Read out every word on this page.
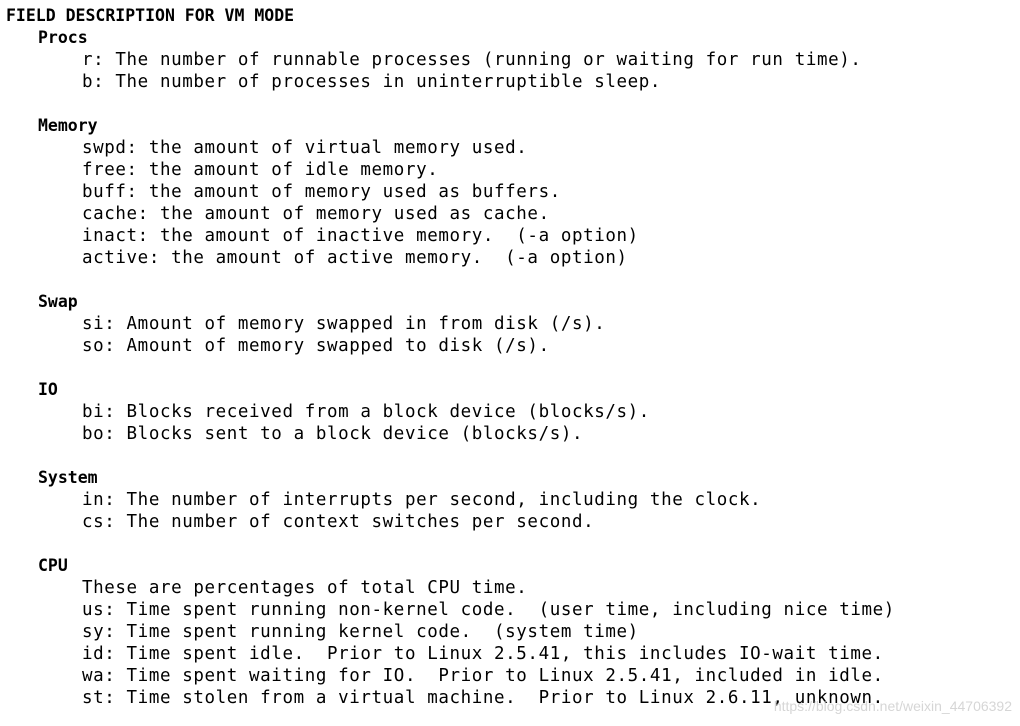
FIELD DESCRIPTION FOR VM MODE
Procs
r: The number of runnable processes (running or waiting for run time).
b: The number of processes in uninterruptible sleep.
Memory
swpd: the amount of virtual memory used.
free: the amount of idle memory.
buff: the amount of memory used as buffers.
cache: the amount of memory used as cache.
inact: the amount of inactive memory.  (-a option)
active: the amount of active memory.  (-a option)
Swap
si: Amount of memory swapped in from disk (/s).
so: Amount of memory swapped to disk (/s).
IO
bi: Blocks received from a block device (blocks/s).
bo: Blocks sent to a block device (blocks/s).
System
in: The number of interrupts per second, including the clock.
cs: The number of context switches per second.
CPU
These are percentages of total CPU time.
us: Time spent running non-kernel code.  (user time, including nice time)
sy: Time spent running kernel code.  (system time)
id: Time spent idle.  Prior to Linux 2.5.41, this includes IO-wait time.
wa: Time spent waiting for IO.  Prior to Linux 2.5.41, included in idle.
st: Time stolen from a virtual machine.  Prior to Linux 2.6.11, unknown.
https://blog.csdn.net/weixin_44706392
